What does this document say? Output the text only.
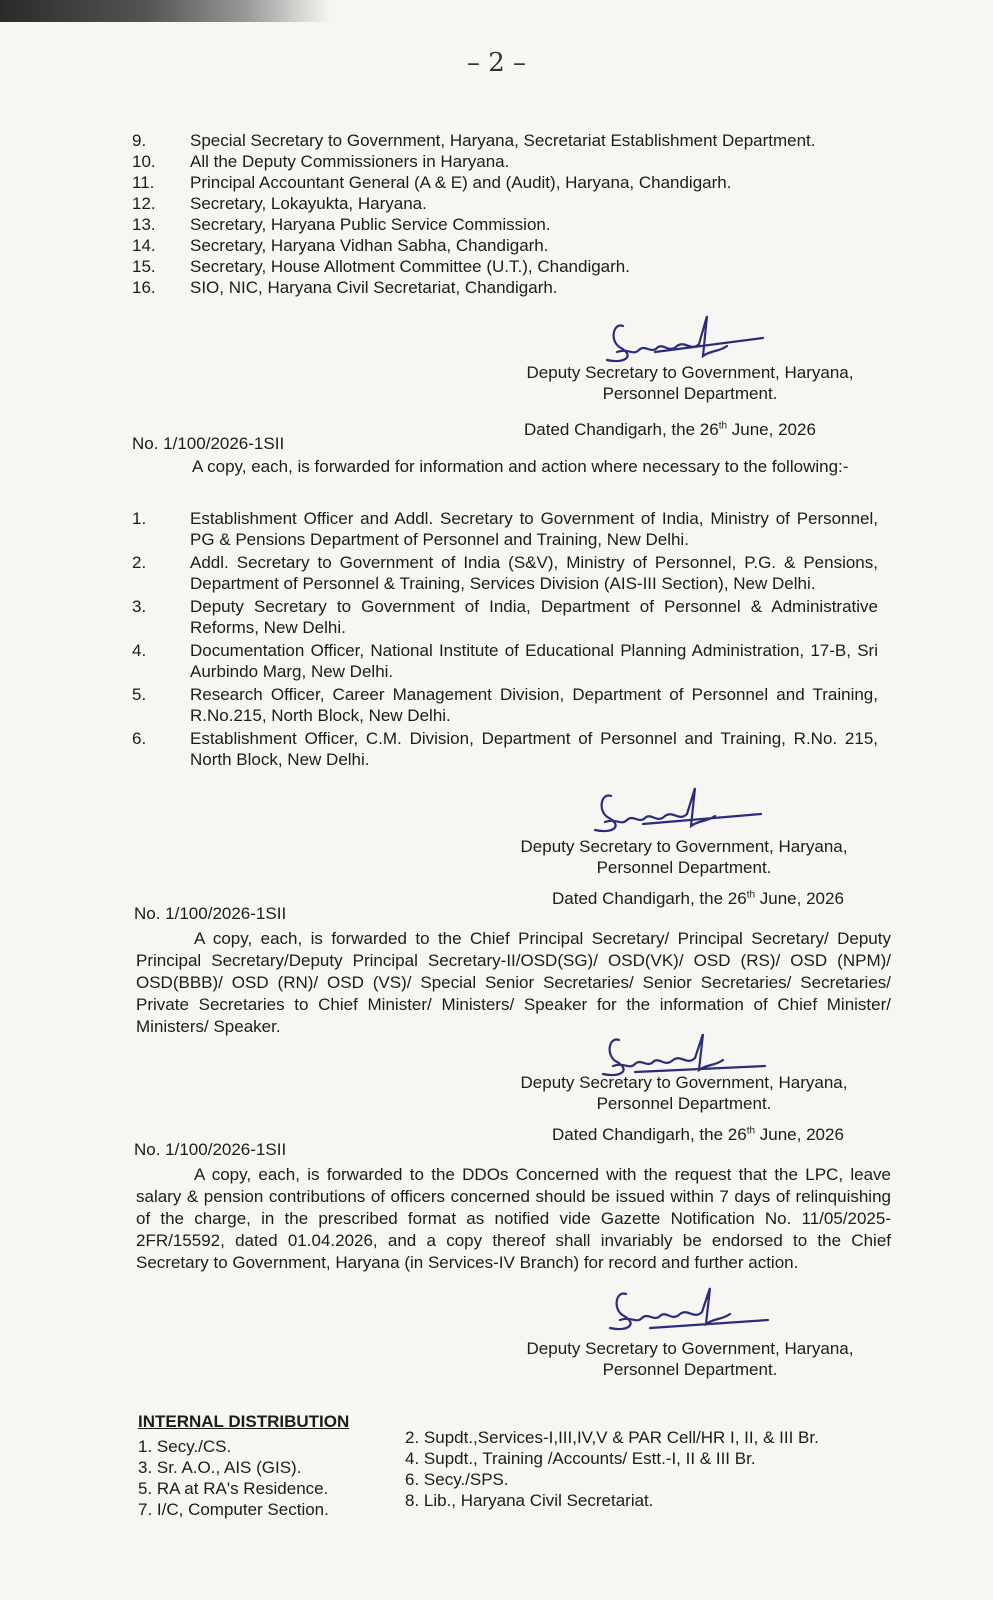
– 2 –
9.	Special Secretary to Government, Haryana, Secretariat Establishment Department.
10.	All the Deputy Commissioners in Haryana.
11.	Principal Accountant General (A & E) and (Audit), Haryana, Chandigarh.
12.	Secretary, Lokayukta, Haryana.
13.	Secretary, Haryana Public Service Commission.
14.	Secretary, Haryana Vidhan Sabha, Chandigarh.
15.	Secretary, House Allotment Committee (U.T.), Chandigarh.
16.	SIO, NIC, Haryana Civil Secretariat, Chandigarh.
Deputy Secretary to Government, Haryana,
Personnel Department.
No. 1/100/2026-1SII
Dated Chandigarh, the 26th June, 2026
A copy, each, is forwarded for information and action where necessary to the following:-
1.	Establishment Officer and Addl. Secretary to Government of India, Ministry of Personnel, PG & Pensions Department of Personnel and Training, New Delhi.
2.	Addl. Secretary to Government of India (S&V), Ministry of Personnel, P.G. & Pensions, Department of Personnel & Training, Services Division (AIS-III Section), New Delhi.
3.	Deputy Secretary to Government of India, Department of Personnel & Administrative Reforms, New Delhi.
4.	Documentation Officer, National Institute of Educational Planning Administration, 17-B, Sri Aurbindo Marg, New Delhi.
5.	Research Officer, Career Management Division, Department of Personnel and Training, R.No.215, North Block, New Delhi.
6.	Establishment Officer, C.M. Division, Department of Personnel and Training, R.No. 215, North Block, New Delhi.
Deputy Secretary to Government, Haryana,
Personnel Department.
No. 1/100/2026-1SII
Dated Chandigarh, the 26th June, 2026
A copy, each, is forwarded to the Chief Principal Secretary/ Principal Secretary/ Deputy Principal Secretary/Deputy Principal Secretary-II/OSD(SG)/ OSD(VK)/ OSD (RS)/ OSD (NPM)/ OSD(BBB)/ OSD (RN)/ OSD (VS)/ Special Senior Secretaries/ Senior Secretaries/ Secretaries/ Private Secretaries to Chief Minister/ Ministers/ Speaker for the information of Chief Minister/ Ministers/ Speaker.
Deputy Secretary to Government, Haryana,
Personnel Department.
No. 1/100/2026-1SII
Dated Chandigarh, the 26th June, 2026
A copy, each, is forwarded to the DDOs Concerned with the request that the LPC, leave salary & pension contributions of officers concerned should be issued within 7 days of relinquishing of the charge, in the prescribed format as notified vide Gazette Notification No. 11/05/2025-2FR/15592, dated 01.04.2026, and a copy thereof shall invariably be endorsed to the Chief Secretary to Government, Haryana (in Services-IV Branch) for record and further action.
Deputy Secretary to Government, Haryana,
Personnel Department.
INTERNAL DISTRIBUTION
1. Secy./CS.
3. Sr. A.O., AIS (GIS).
5. RA at RA's Residence.
7. I/C, Computer Section.
2. Supdt.,Services-I,III,IV,V & PAR Cell/HR I, II, & III Br.
4. Supdt., Training /Accounts/ Estt.-I, II & III Br.
6. Secy./SPS.
8. Lib., Haryana Civil Secretariat.
